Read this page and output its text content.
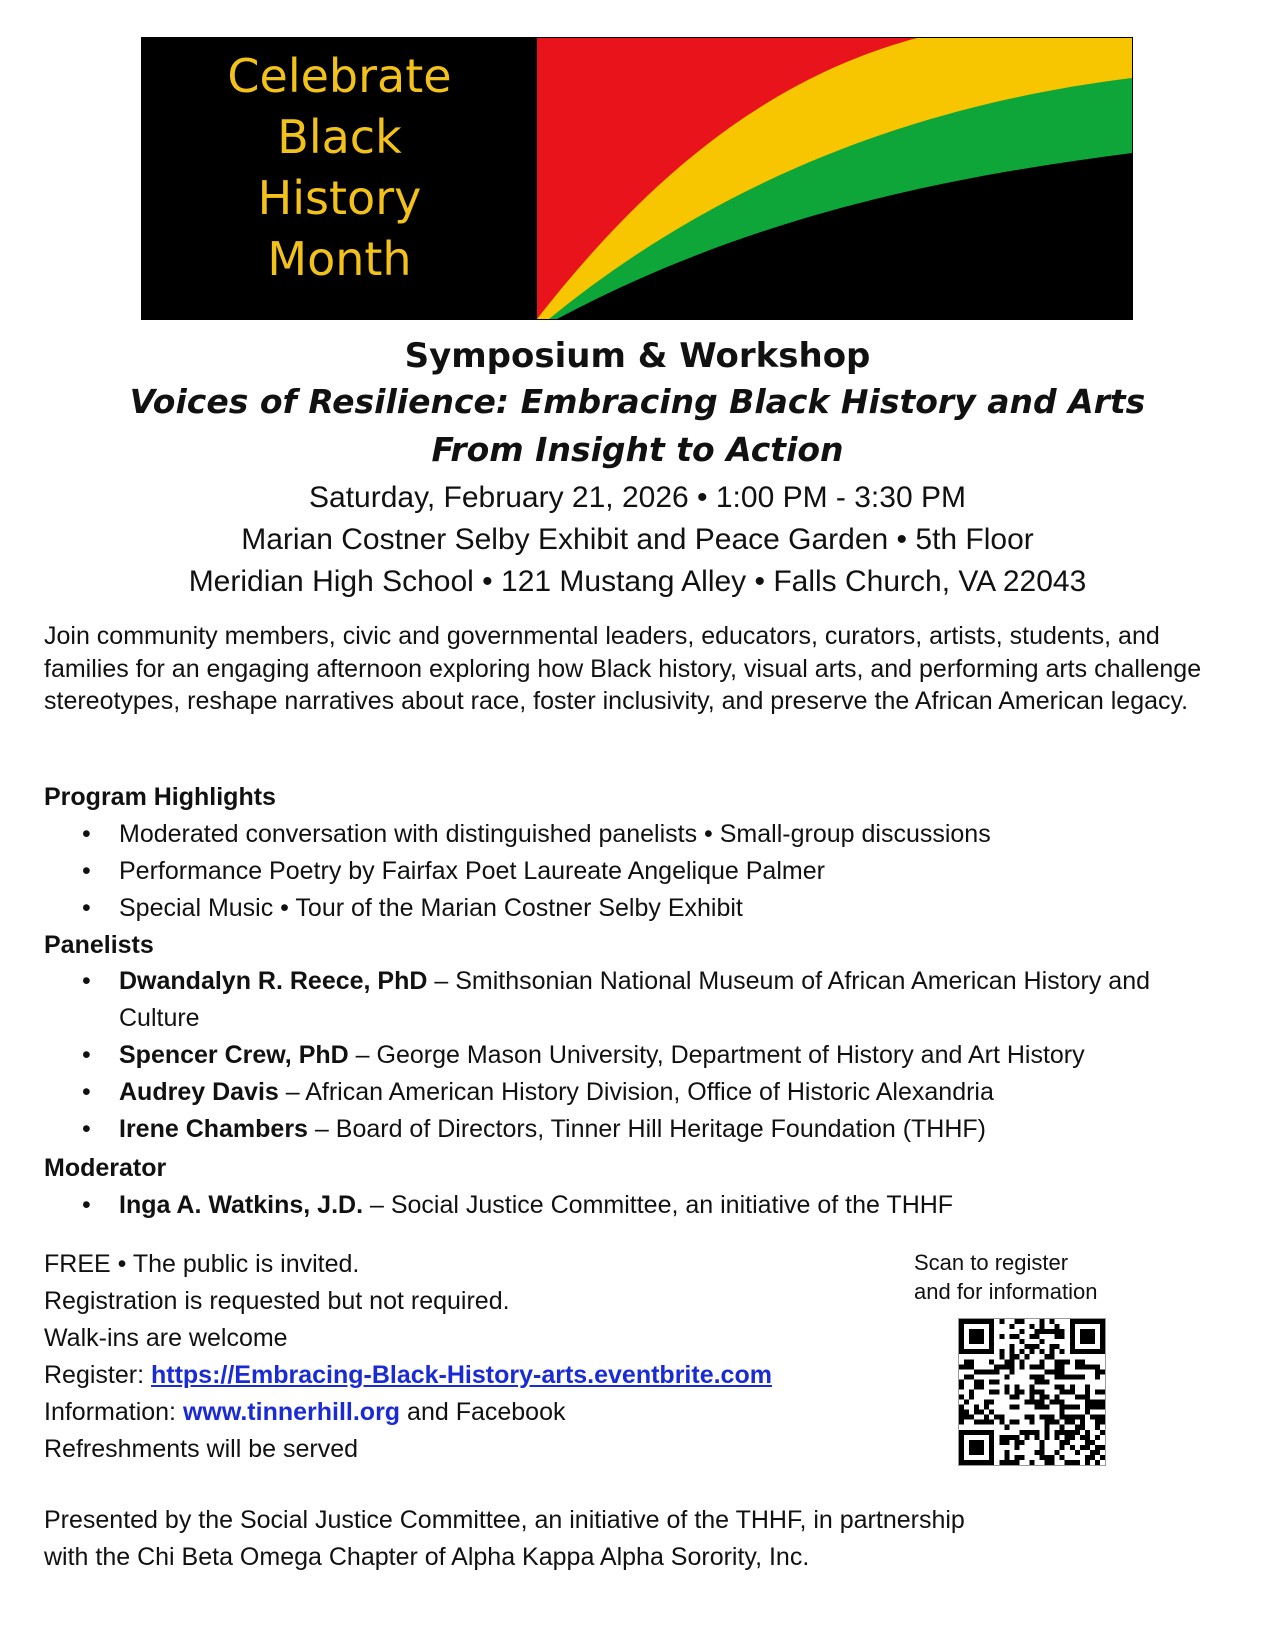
Celebrate
Black
History
Month
Symposium & Workshop
Voices of Resilience: Embracing Black History and Arts
From Insight to Action

Saturday, February 21, 2026 • 1:00 PM - 3:30 PM

Marian Costner Selby Exhibit and Peace Garden • 5th Floor

Meridian High School • 121 Mustang Alley • Falls Church, VA 22043

Join community members, civic and governmental leaders, educators, curators, artists, students, and families for an engaging afternoon exploring how Black history, visual arts, and performing arts challenge stereotypes, reshape narratives about race, foster inclusivity, and preserve the African American legacy.

Program Highlights
• Moderated conversation with distinguished panelists • Small-group discussions
• Performance Poetry by Fairfax Poet Laureate Angelique Palmer
• Special Music • Tour of the Marian Costner Selby Exhibit
Panelists
• Dwandalyn R. Reece, PhD – Smithsonian National Museum of African American History and Culture
• Spencer Crew, PhD – George Mason University, Department of History and Art History
• Audrey Davis – African American History Division, Office of Historic Alexandria
• Irene Chambers – Board of Directors, Tinner Hill Heritage Foundation (THHF)
Moderator
• Inga A. Watkins, J.D. – Social Justice Committee, an initiative of the THHF
FREE • The public is invited.
Registration is requested but not required.
Walk-ins are welcome
Register: https://Embracing-Black-History-arts.eventbrite.com
Information: www.tinnerhill.org and Facebook
Refreshments will be served
Scan to register
and for information
Presented by the Social Justice Committee, an initiative of the THHF, in partnership
with the Chi Beta Omega Chapter of Alpha Kappa Alpha Sorority, Inc.
